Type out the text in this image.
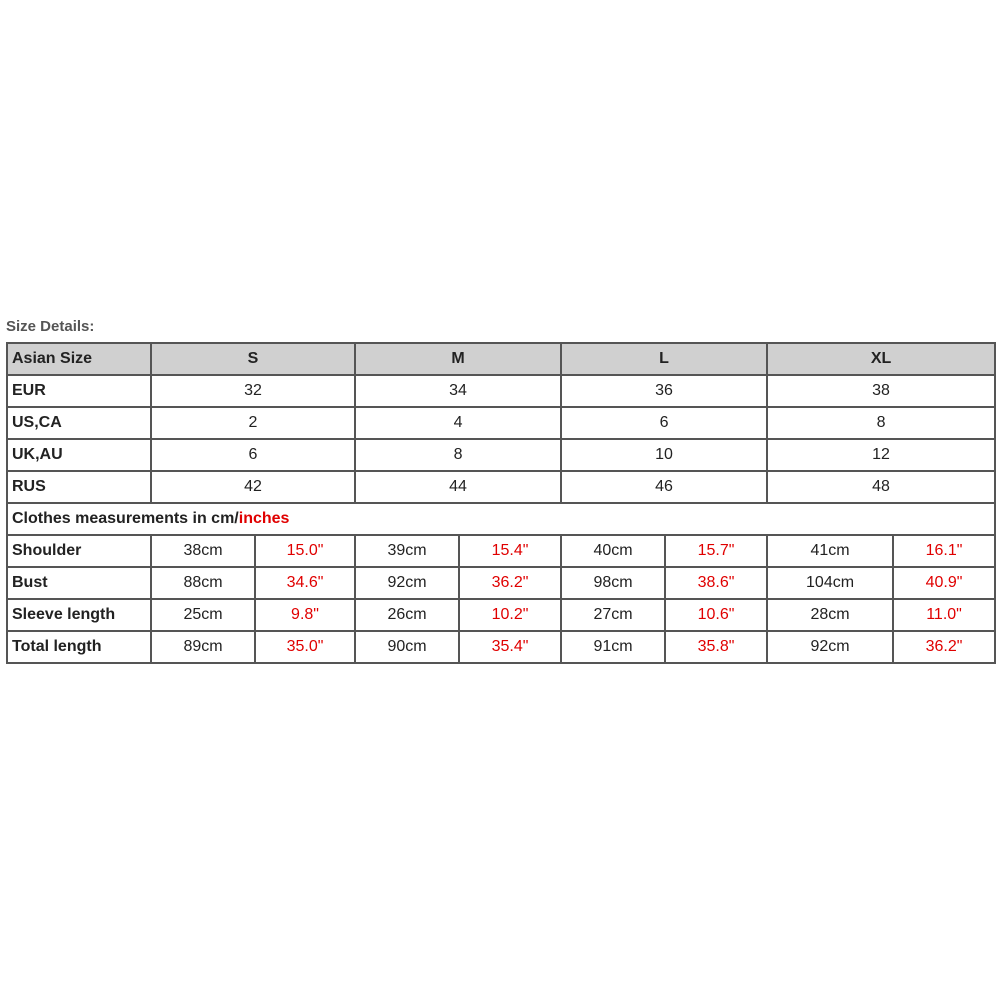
Size Details:
Asian Size	S		M		L		XL	
EUR	32		34		36		38	
US,CA	2		4		6		8	
UK,AU	6		8		10		12	
RUS	42		44		46		48	
Clothes measurements in cm/inches								
Shoulder	38cm	15.0"	39cm	15.4"	40cm	15.7"	41cm	16.1"
Bust	88cm	34.6"	92cm	36.2"	98cm	38.6"	104cm	40.9"
Sleeve length	25cm	9.8"	26cm	10.2"	27cm	10.6"	28cm	11.0"
Total length	89cm	35.0"	90cm	35.4"	91cm	35.8"	92cm	36.2"
